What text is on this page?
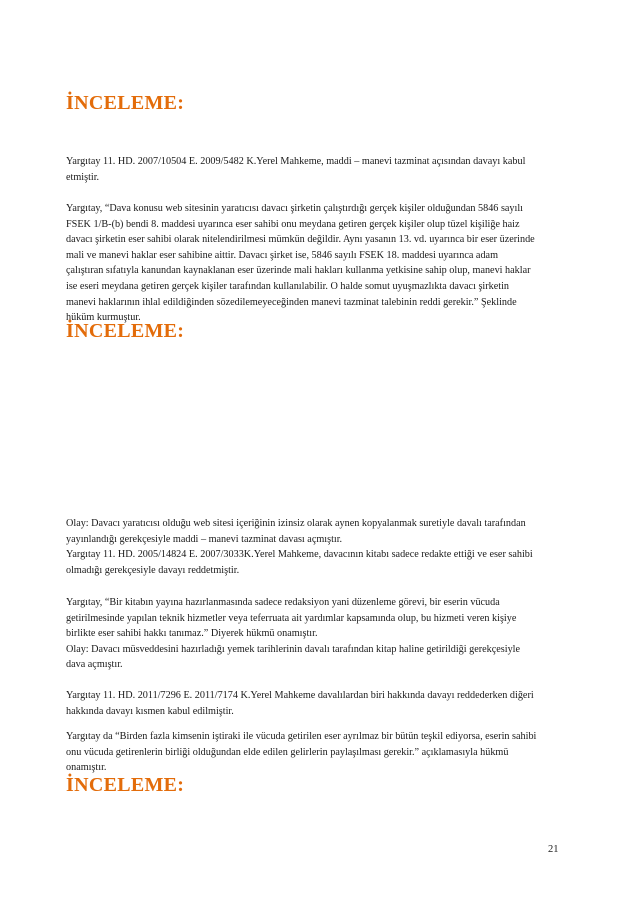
İNCELEME:
Yargıtay 11. HD. 2007/10504 E. 2009/5482 K.Yerel Mahkeme, maddi – manevi tazminat açısından davayı kabul
etmiştir.
Yargıtay, “Dava konusu web sitesinin yaratıcısı davacı şirketin çalıştırdığı gerçek kişiler olduğundan 5846 sayılı
FSEK 1/B-(b) bendi 8. maddesi uyarınca eser sahibi onu meydana getiren gerçek kişiler olup tüzel kişiliğe haiz
davacı şirketin eser sahibi olarak nitelendirilmesi mümkün değildir. Aynı yasanın 13. vd. uyarınca bir eser üzerinde
mali ve manevi haklar eser sahibine aittir. Davacı şirket ise, 5846 sayılı FSEK 18. maddesi uyarınca adam
çalıştıran sıfatıyla kanundan kaynaklanan eser üzerinde mali hakları kullanma yetkisine sahip olup, manevi haklar
ise eseri meydana getiren gerçek kişiler tarafından kullanılabilir. O halde somut uyuşmazlıkta davacı şirketin
manevi haklarının ihlal edildiğinden sözedilemeyeceğinden manevi tazminat talebinin reddi gerekir.” Şeklinde
hüküm kurmuştur.
İNCELEME:
Olay: Davacı yaratıcısı olduğu web sitesi içeriğinin izinsiz olarak aynen kopyalanmak suretiyle davalı tarafından
yayınlandığı gerekçesiyle maddi – manevi tazminat davası açmıştır.
Yargıtay 11. HD. 2005/14824 E. 2007/3033K.Yerel Mahkeme, davacının kitabı sadece redakte ettiği ve eser sahibi
olmadığı gerekçesiyle davayı reddetmiştir.
Yargıtay, “Bir kitabın yayına hazırlanmasında sadece redaksiyon yani düzenleme görevi, bir eserin vücuda
getirilmesinde yapılan teknik hizmetler veya teferruata ait yardımlar kapsamında olup, bu hizmeti veren kişiye
birlikte eser sahibi hakkı tanımaz.” Diyerek hükmü onamıştır.
Olay: Davacı müsveddesini hazırladığı yemek tarihlerinin davalı tarafından kitap haline getirildiği gerekçesiyle
dava açmıştır.
Yargıtay 11. HD. 2011/7296 E. 2011/7174 K.Yerel Mahkeme davalılardan biri hakkında davayı reddederken diğeri
hakkında davayı kısmen kabul edilmiştir.
Yargıtay da “Birden fazla kimsenin iştiraki ile vücuda getirilen eser ayrılmaz bir bütün teşkil ediyorsa, eserin sahibi
onu vücuda getirenlerin birliği olduğundan elde edilen gelirlerin paylaşılması gerekir.” açıklamasıyla hükmü
onamıştır.
İNCELEME:

21
